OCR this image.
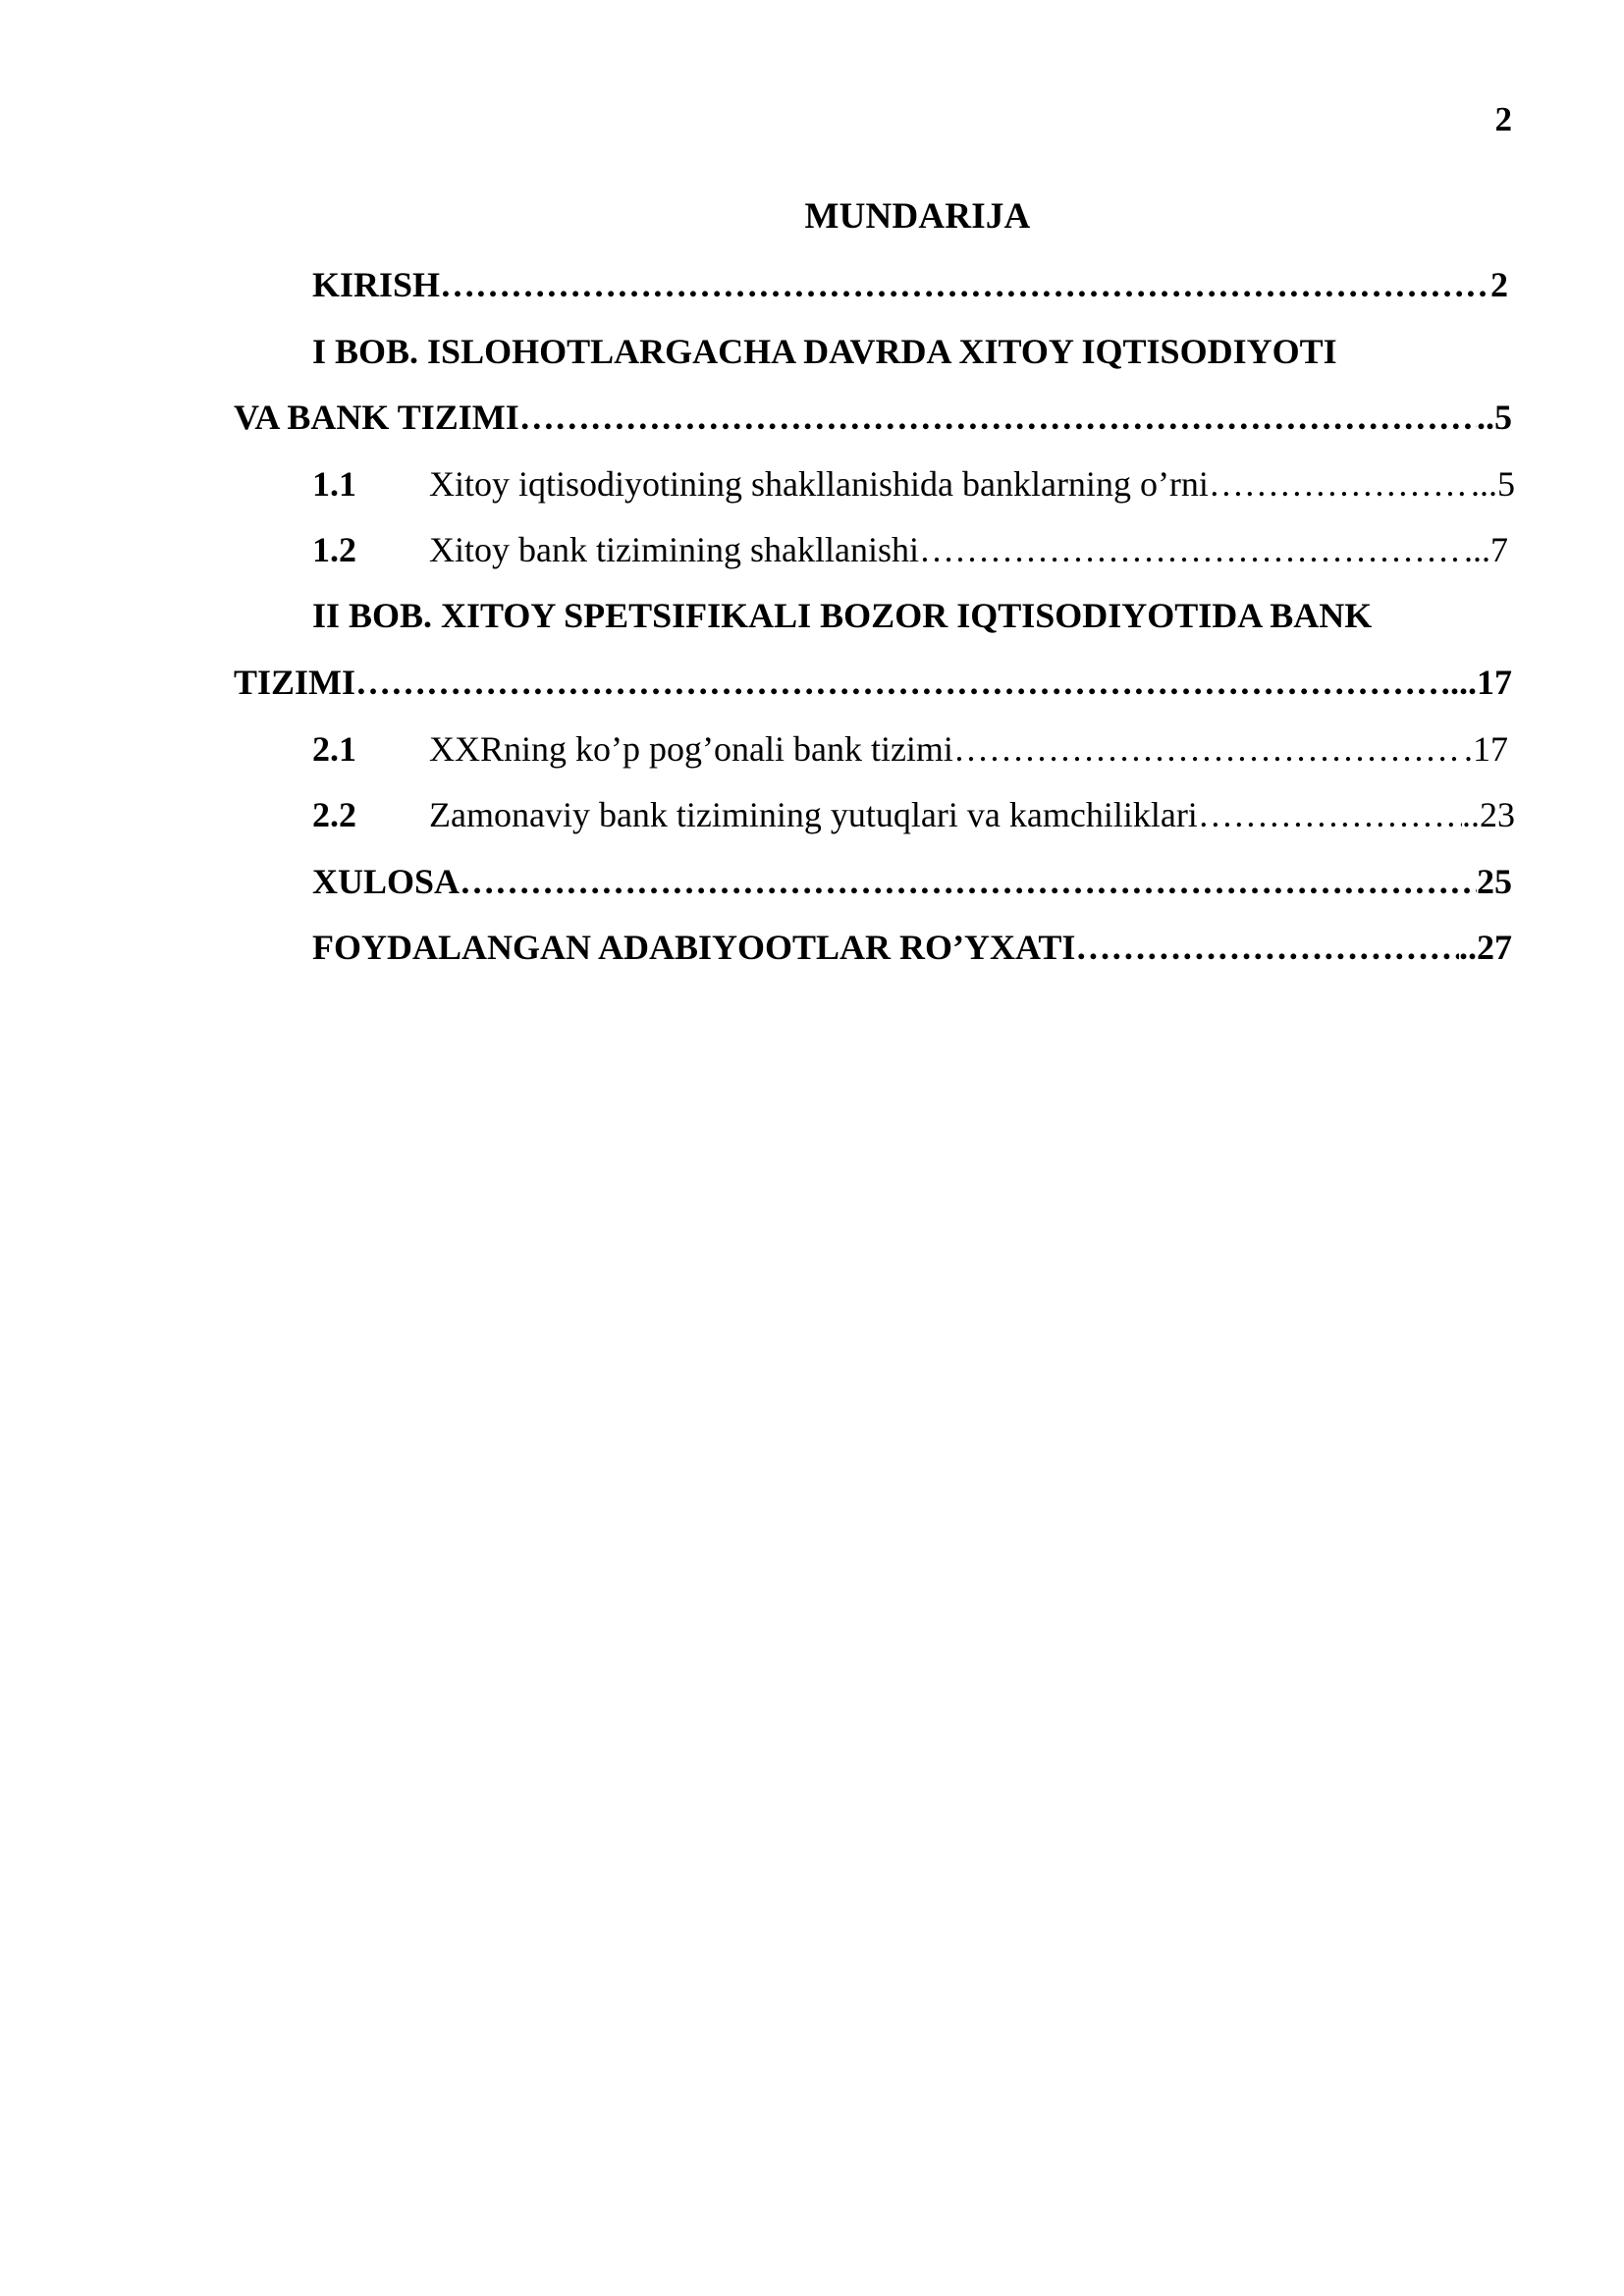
2
MUNDARIJA
KIRISH ………………………………………………………………………………………………………………………………………………………………………………………………	2
I BOB. ISLOHOTLARGACHA DAVRDA XITOY IQTISODIYOTI
VA BANK TIZIMI ………………………………………………………………………………………………………………………………………………………………………………………………	..5
1.1	Xitoy iqtisodiyotining shakllanishida banklarning o’rni ………………………………………………………………………………………………………………………………………………………………………………………………	...5
1.2	Xitoy bank tizimining shakllanishi ………………………………………………………………………………………………………………………………………………………………………………………………	...7
II BOB. XITOY SPETSIFIKALI BOZOR IQTISODIYOTIDA BANK
TIZIMI ………………………………………………………………………………………………………………………………………………………………………………………………	...17
2.1	XXRning ko’p pog’onali bank tizimi ………………………………………………………………………………………………………………………………………………………………………………………………	.17
2.2	Zamonaviy bank tizimining yutuqlari va kamchiliklari ………………………………………………………………………………………………………………………………………………………………………………………………	..23
XULOSA ………………………………………………………………………………………………………………………………………………………………………………………………	25
FOYDALANGAN ADABIYOOTLAR RO’YXATI ………………………………………………………………………………………………………………………………………………………………………………………………	..27
